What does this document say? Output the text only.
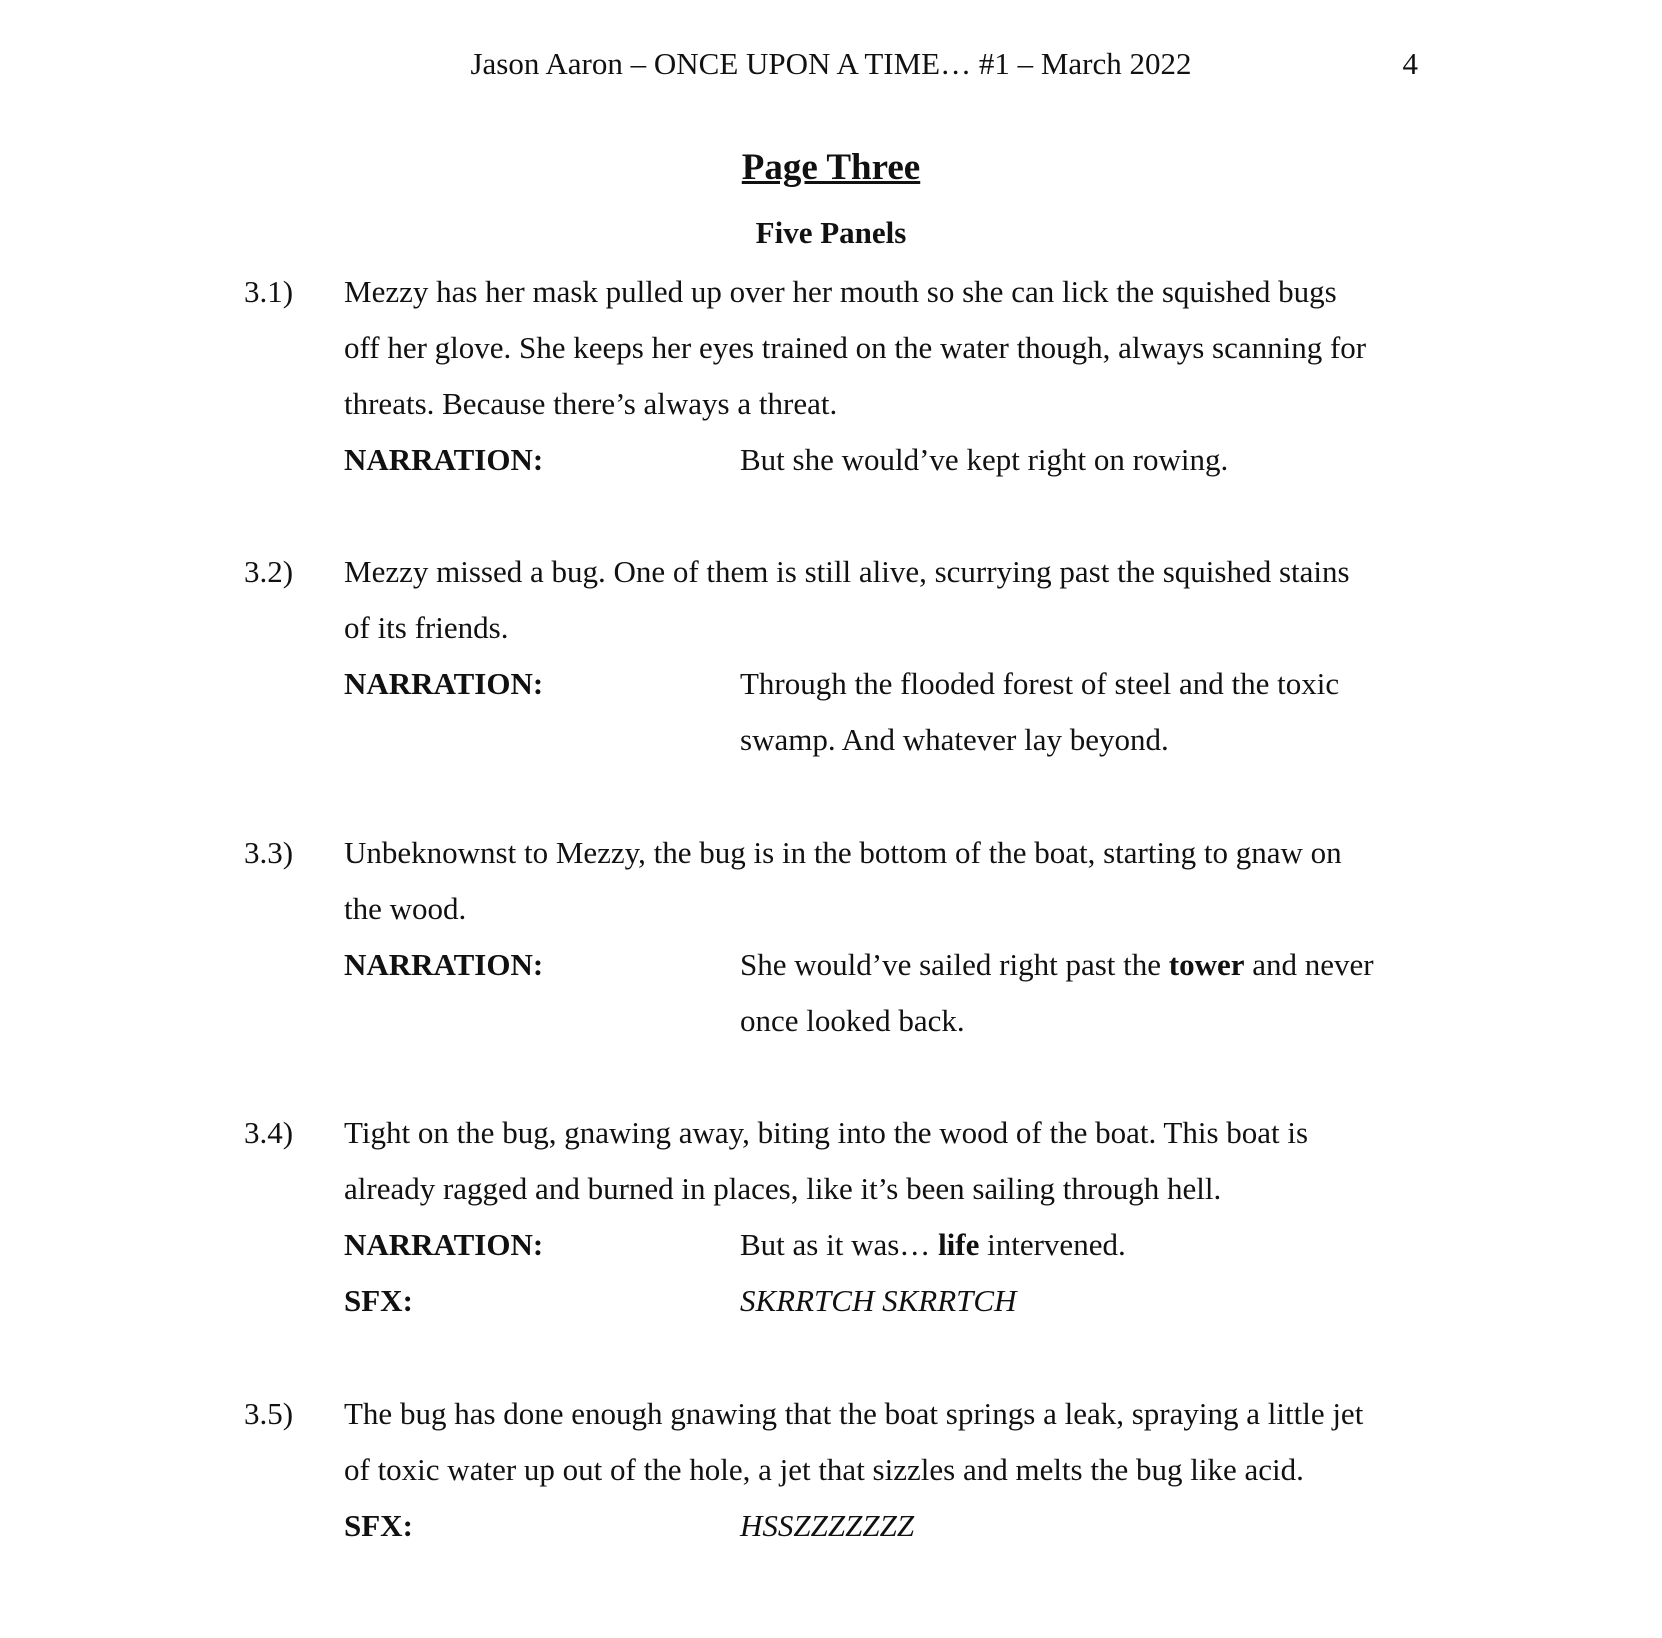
Jason Aaron – ONCE UPON A TIME… #1 – March 2022	4
Page Three
Five Panels
3.1) Mezzy has her mask pulled up over her mouth so she can lick the squished bugs
off her glove. She keeps her eyes trained on the water though, always scanning for
threats. Because there’s always a threat.
NARRATION:	But she would’ve kept right on rowing.
3.2) Mezzy missed a bug. One of them is still alive, scurrying past the squished stains
of its friends.
NARRATION:	Through the flooded forest of steel and the toxic
swamp. And whatever lay beyond.
3.3) Unbeknownst to Mezzy, the bug is in the bottom of the boat, starting to gnaw on
the wood.
NARRATION:	She would’ve sailed right past the tower and never
once looked back.
3.4) Tight on the bug, gnawing away, biting into the wood of the boat. This boat is
already ragged and burned in places, like it’s been sailing through hell.
NARRATION:	But as it was… life intervened.
SFX:	SKRRTCH SKRRTCH
3.5) The bug has done enough gnawing that the boat springs a leak, spraying a little jet
of toxic water up out of the hole, a jet that sizzles and melts the bug like acid.
SFX:	HSSZZZZZZZ
